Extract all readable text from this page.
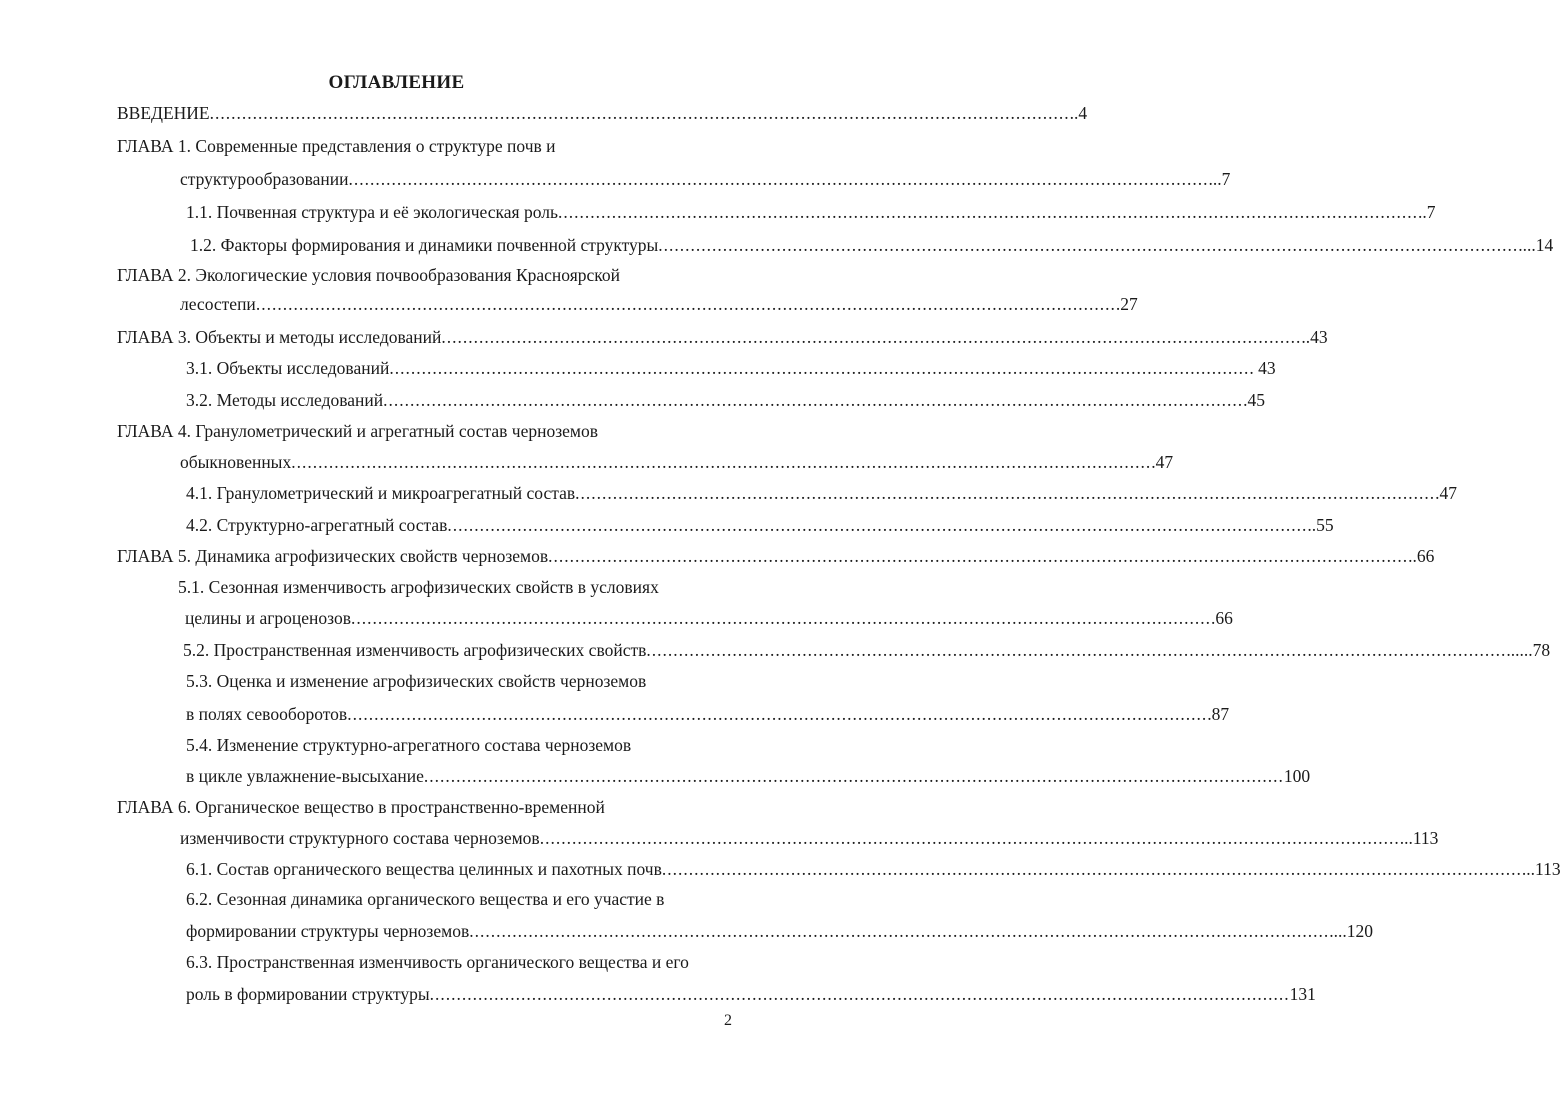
ОГЛАВЛЕНИЕ
ВВЕДЕНИЕ ................................................................................................................................................................ ..4
ГЛАВА 1. Современные представления о структуре почв и
структурообразовании ................................................................................................................................................................ ...7
1.1. Почвенная структура и её экологическая роль ................................................................................................................................................................ ..7
1.2. Факторы формирования и динамики почвенной структуры ................................................................................................................................................................ ....14
ГЛАВА 2. Экологические условия почвообразования Красноярской
лесостепи ................................................................................................................................................................ .27
ГЛАВА 3. Объекты и методы исследований ................................................................................................................................................................ ..43
3.1. Объекты исследований ................................................................................................................................................................ . 43
3.2. Методы исследований ................................................................................................................................................................ .45
ГЛАВА 4. Гранулометрический и агрегатный состав черноземов
обыкновенных ................................................................................................................................................................ .47
4.1. Гранулометрический и микроагрегатный состав ................................................................................................................................................................ .47
4.2. Структурно-агрегатный состав ................................................................................................................................................................ ..55
ГЛАВА 5. Динамика агрофизических свойств черноземов ................................................................................................................................................................ ..66
5.1. Сезонная изменчивость агрофизических свойств в условиях
целины и агроценозов ................................................................................................................................................................ .66
5.2. Пространственная изменчивость агрофизических свойств ................................................................................................................................................................ ......78
5.3. Оценка и изменение агрофизических свойств черноземов
в полях севооборотов ................................................................................................................................................................ .87
5.4. Изменение структурно-агрегатного состава черноземов
в цикле увлажнение-высыхание ................................................................................................................................................................ 100
ГЛАВА 6. Органическое вещество в пространственно-временной
изменчивости структурного состава черноземов ................................................................................................................................................................ ...113
6.1. Состав органического вещества целинных и пахотных почв ................................................................................................................................................................ ...113
6.2. Сезонная динамика органического вещества и его участие в
формировании структуры черноземов ................................................................................................................................................................ ....120
6.3. Пространственная изменчивость органического вещества и его
роль в формировании структуры ................................................................................................................................................................ 131
2
